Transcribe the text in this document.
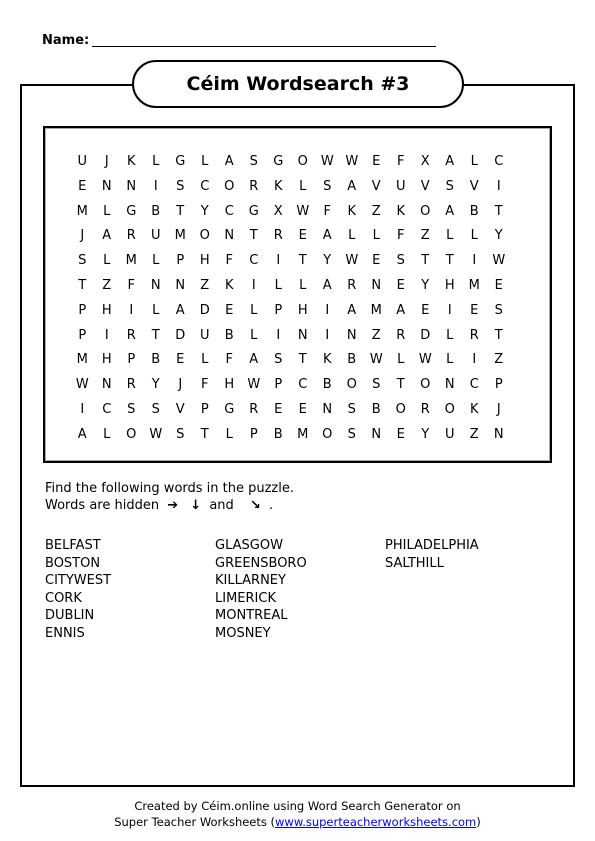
Name:
Céim Wordsearch #3
U	J	K	L	G	L	A	S	G	O W W	E	F	X	A	L	C
E	N	N	I	S	C	O	R	K	L	S	A	V	U	V	S	V	I
M	L	G	B	T	Y	C	G	X	W	F	K	Z	K	O	A	B	T
J	A	R	U	M	O	N	T	R	E	A	L	L	F	Z	L	L	Y
S	L	M	L	P	H	F	C	I	T	Y	W	E	S	T	T	I	W
T	Z	F	N	N	Z	K	I	L	L	A	R	N	E	Y	H	M	E
P	H	I	L	A	D	E	L	P	H	I	A	M	A	E	I	E	S
P	I	R	T	D	U	B	L	I	N	I	N	Z	R	D	L	R	T
M	H	P	B	E	L	F	A	S	T	K	B	W	L	W	L	I	Z
W	N	R	Y	J	F	H	W	P	C	B	O	S	T	O	N	C	P
I	C	S	S	V	P	G	R	E	E	N	S	B	O	R	O	K	J
A	L	O W	S	T	L	P	B	M	O	S	N	E	Y	U	Z	N
Find the following words in the puzzle.
Words are hidden ➔ ↓ and ↘ .
BELFAST
BOSTON
CITYWEST
CORK
DUBLIN
ENNIS
GLASGOW
GREENSBORO
KILLARNEY
LIMERICK
MONTREAL
MOSNEY
PHILADELPHIA
SALTHILL
Created by Céim.online using Word Search Generator on
Super Teacher Worksheets (www.superteacherworksheets.com)
